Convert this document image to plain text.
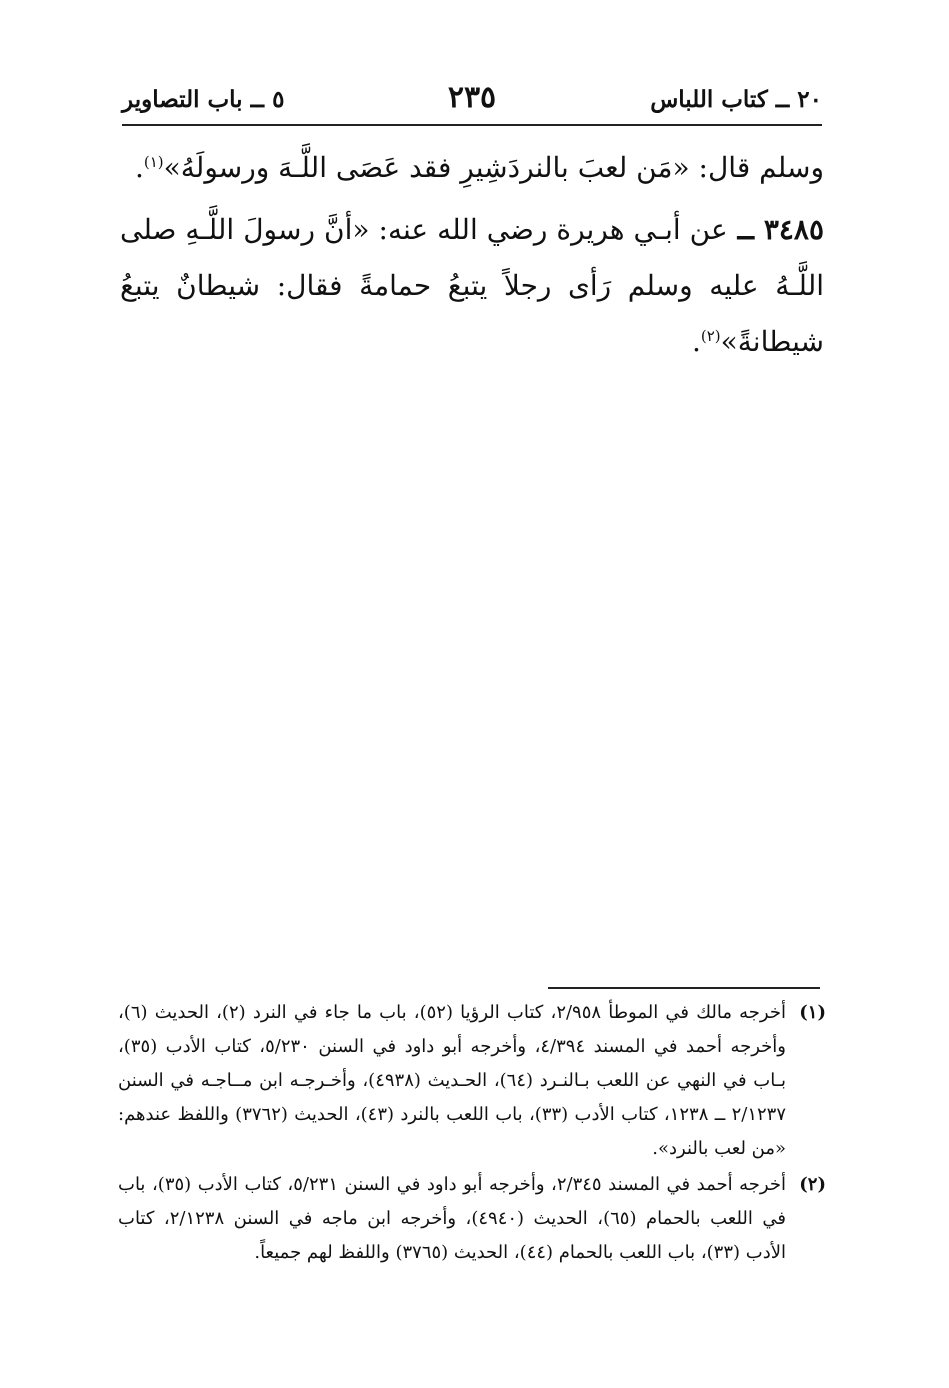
٢٠ ــ كتاب اللباس
٢٣٥
٥ ــ باب التصاوير

وسلم قال: «مَن لعبَ بالنردَشِيرِ فقد عَصَى اللَّـهَ ورسولَهُ»$^{(١)}$.

٣٤٨٥ ــ عن أبـي هريرة رضي الله عنه: «أنَّ رسولَ اللَّـهِ صلى اللَّـهُ عليه وسلم رَأى رجلاً يتبعُ حمامةً فقال: شيطانٌ يتبعُ شيطانةً»$^{(٢)}$.

(١)
أخرجه مالك في الموطأ ٢/٩٥٨، كتاب الرؤيا (٥٢)، باب ما جاء في النرد (٢)، الحديث (٦)، وأخرجه أحمد في المسند ٤/٣٩٤، وأخرجه أبو داود في السنن ٥/٢٣٠، كتاب الأدب (٣٥)، بـاب في النهي عن اللعب بـالنـرد (٦٤)، الحـديث (٤٩٣٨)، وأخـرجـه ابن مــاجـه في السنن ٢/١٢٣٧ ــ ١٢٣٨، كتاب الأدب (٣٣)، باب اللعب بالنرد (٤٣)، الحديث (٣٧٦٢) واللفظ عندهم: «من لعب بالنرد».
(٢)
أخرجه أحمد في المسند ٢/٣٤٥، وأخرجه أبو داود في السنن ٥/٢٣١، كتاب الأدب (٣٥)، باب في اللعب بالحمام (٦٥)، الحديث (٤٩٤٠)، وأخرجه ابن ماجه في السنن ٢/١٢٣٨، كتاب الأدب (٣٣)، باب اللعب بالحمام (٤٤)، الحديث (٣٧٦٥) واللفظ لهم جميعاً.
